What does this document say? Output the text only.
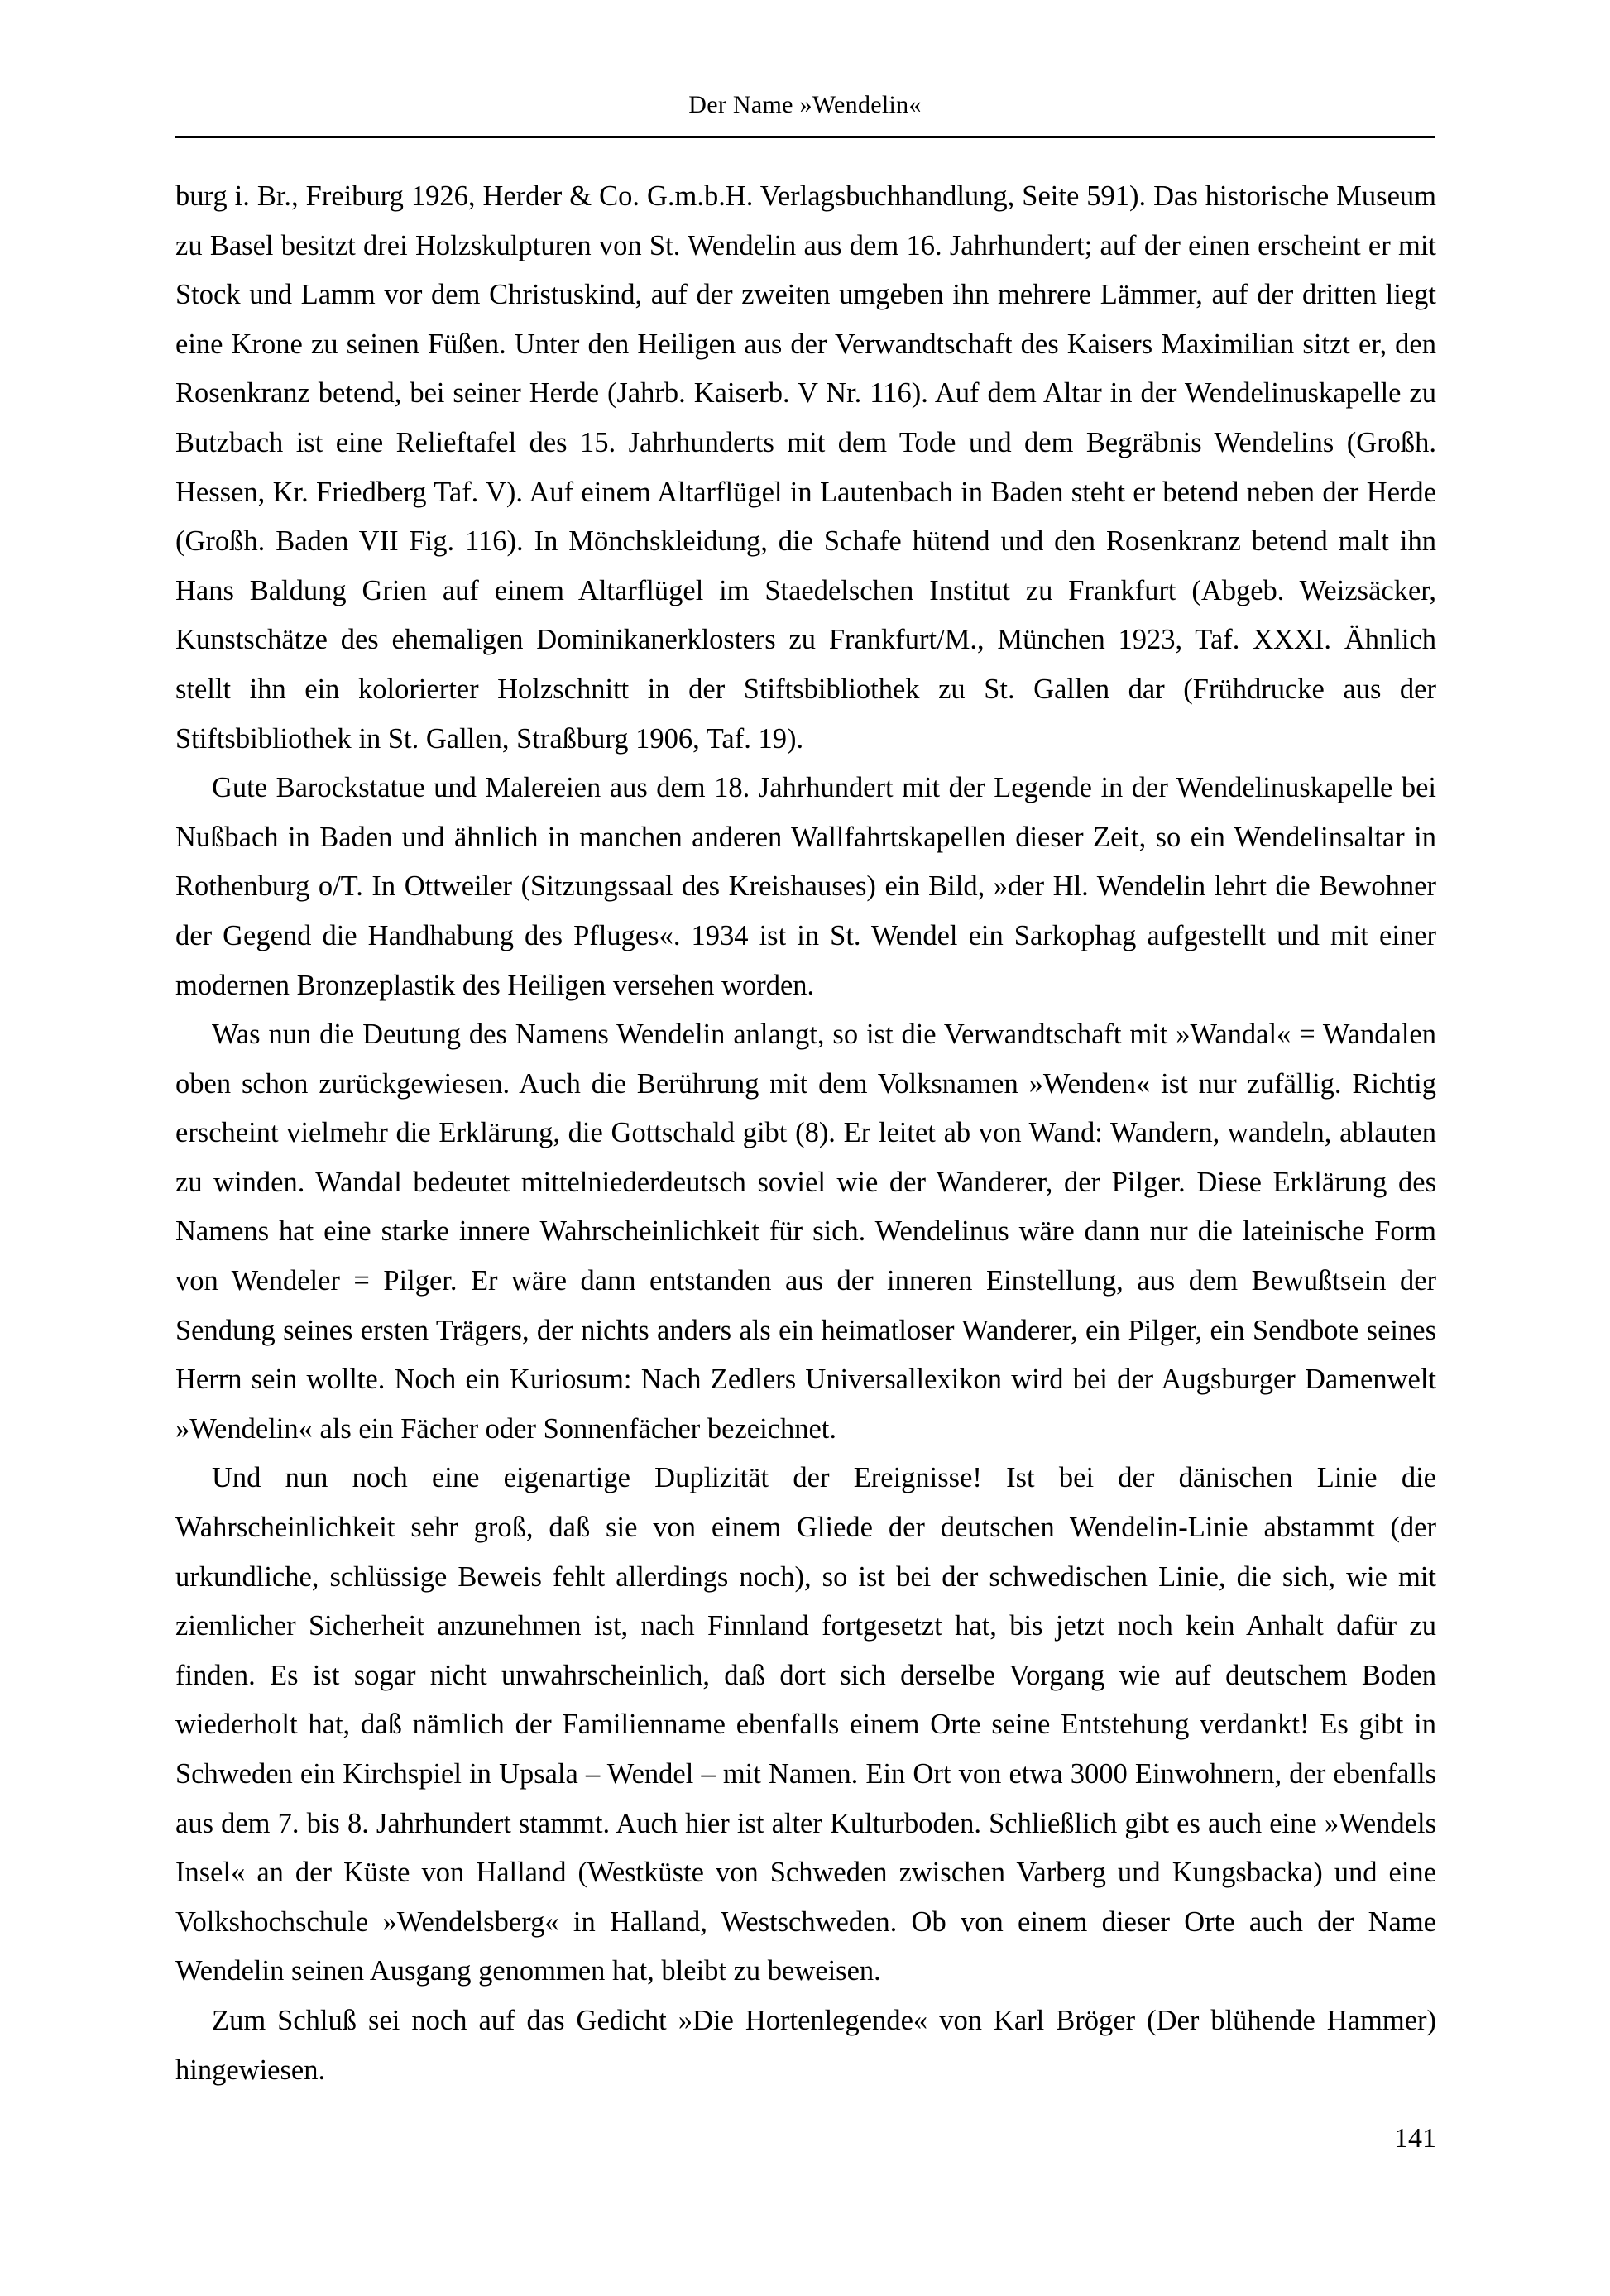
Der Name »Wendelin«

burg i. Br., Freiburg 1926, Herder & Co. G.m.b.H. Verlagsbuchhandlung, Seite 591). Das historische Museum zu Basel besitzt drei Holzskulpturen von St. Wendelin aus dem 16. Jahrhundert; auf der einen erscheint er mit Stock und Lamm vor dem Christuskind, auf der zweiten umgeben ihn mehrere Lämmer, auf der dritten liegt eine Krone zu seinen Füßen. Unter den Heiligen aus der Verwandtschaft des Kaisers Maximilian sitzt er, den Rosenkranz betend, bei seiner Herde (Jahrb. Kaiserb. V Nr. 116). Auf dem Altar in der Wendelinuskapelle zu Butzbach ist eine Relieftafel des 15. Jahrhunderts mit dem Tode und dem Begräbnis Wendelins (Großh. Hessen, Kr. Friedberg Taf. V). Auf einem Altarflügel in Lautenbach in Baden steht er betend neben der Herde (Großh. Baden VII Fig. 116). In Mönchskleidung, die Schafe hütend und den Rosenkranz betend malt ihn Hans Baldung Grien auf einem Altarflügel im Staedelschen Institut zu Frankfurt (Abgeb. Weizsäcker, Kunstschätze des ehemaligen Dominikanerklosters zu Frankfurt/M., München 1923, Taf. XXXI. Ähnlich stellt ihn ein kolorierter Holzschnitt in der Stiftsbibliothek zu St. Gallen dar (Frühdrucke aus der Stiftsbibliothek in St. Gallen, Straßburg 1906, Taf. 19).

Gute Barockstatue und Malereien aus dem 18. Jahrhundert mit der Legende in der Wendelinuskapelle bei Nußbach in Baden und ähnlich in manchen anderen Wallfahrtskapellen dieser Zeit, so ein Wendelinsaltar in Rothenburg o/T. In Ottweiler (Sitzungssaal des Kreishauses) ein Bild, »der Hl. Wendelin lehrt die Bewohner der Gegend die Handhabung des Pfluges«. 1934 ist in St. Wendel ein Sarkophag aufgestellt und mit einer modernen Bronzeplastik des Heiligen versehen worden.

Was nun die Deutung des Namens Wendelin anlangt, so ist die Verwandtschaft mit »Wandal« = Wandalen oben schon zurückgewiesen. Auch die Berührung mit dem Volksnamen »Wenden« ist nur zufällig. Richtig erscheint vielmehr die Erklärung, die Gottschald gibt (8). Er leitet ab von Wand: Wandern, wandeln, ablauten zu winden. Wandal bedeutet mittelniederdeutsch soviel wie der Wanderer, der Pilger. Diese Erklärung des Namens hat eine starke innere Wahrscheinlichkeit für sich. Wendelinus wäre dann nur die lateinische Form von Wendeler = Pilger. Er wäre dann entstanden aus der inneren Einstellung, aus dem Bewußtsein der Sendung seines ersten Trägers, der nichts anders als ein heimatloser Wanderer, ein Pilger, ein Sendbote seines Herrn sein wollte. Noch ein Kuriosum: Nach Zedlers Universallexikon wird bei der Augsburger Damenwelt »Wendelin« als ein Fächer oder Sonnenfächer bezeichnet.

Und nun noch eine eigenartige Duplizität der Ereignisse! Ist bei der dänischen Linie die Wahrscheinlichkeit sehr groß, daß sie von einem Gliede der deutschen Wendelin-Linie abstammt (der urkundliche, schlüssige Beweis fehlt allerdings noch), so ist bei der schwedischen Linie, die sich, wie mit ziemlicher Sicherheit anzunehmen ist, nach Finnland fortgesetzt hat, bis jetzt noch kein Anhalt dafür zu finden. Es ist sogar nicht unwahrscheinlich, daß dort sich derselbe Vorgang wie auf deutschem Boden wiederholt hat, daß nämlich der Familienname ebenfalls einem Orte seine Entstehung verdankt! Es gibt in Schweden ein Kirchspiel in Upsala – Wendel – mit Namen. Ein Ort von etwa 3000 Einwohnern, der ebenfalls aus dem 7. bis 8. Jahrhundert stammt. Auch hier ist alter Kulturboden. Schließlich gibt es auch eine »Wendels Insel« an der Küste von Halland (Westküste von Schweden zwischen Varberg und Kungsbacka) und eine Volkshochschule »Wendelsberg« in Halland, Westschweden. Ob von einem dieser Orte auch der Name Wendelin seinen Ausgang genommen hat, bleibt zu beweisen.

Zum Schluß sei noch auf das Gedicht »Die Hortenlegende« von Karl Bröger (Der blühende Hammer) hingewiesen.

141
